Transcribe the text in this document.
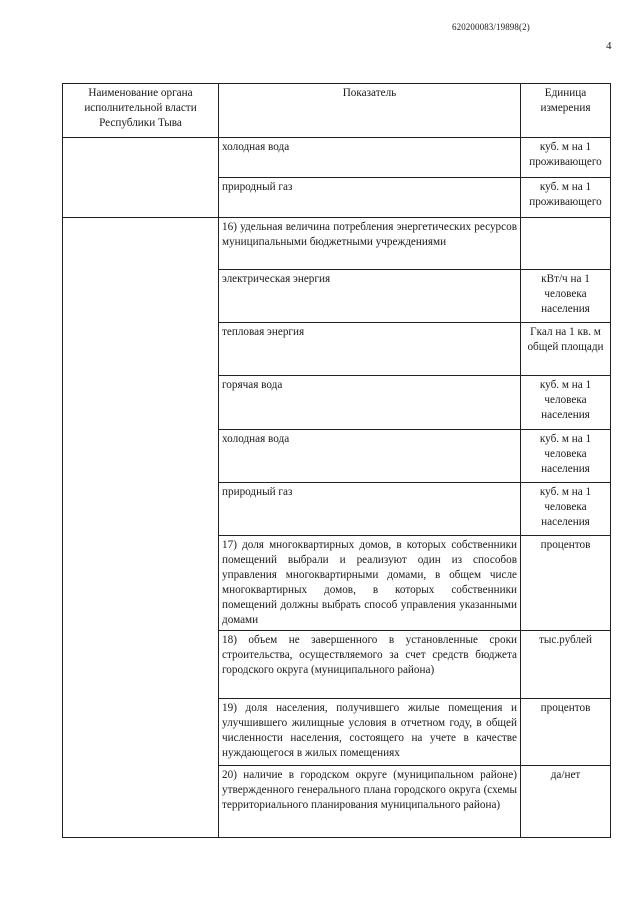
620200083/19898(2)
4
Наименование органа исполнительной власти Республики Тыва	Показатель	Единица измерения
	холодная вода	куб. м на 1 проживающего
	природный газ	куб. м на 1 проживающего
	16) удельная величина потребления энергетических ресурсов муниципальными бюджетными учреждениями	
	электрическая энергия	кВт/ч на 1 человека населения
	тепловая энергия	Гкал на 1 кв. м общей площади
	горячая вода	куб. м на 1 человека населения
	холодная вода	куб. м на 1 человека населения
	природный газ	куб. м на 1 человека населения
	17) доля многоквартирных домов, в которых собственники помещений выбрали и реализуют один из способов управления многоквартирными домами, в общем числе многоквартирных домов, в которых собственники помещений должны выбрать способ управления указанными домами	процентов
	18) объем не завершенного в установленные сроки строительства, осуществляемого за счет средств бюджета городского округа (муниципального района)	тыс.рублей
	19) доля населения, получившего жилые помещения и улучшившего жилищные условия в отчетном году, в общей численности населения, состоящего на учете в качестве нуждающегося в жилых помещениях	процентов
	20) наличие в городском округе (муниципальном районе) утвержденного генерального плана городского округа (схемы территориального планирования муниципального района)	да/нет
